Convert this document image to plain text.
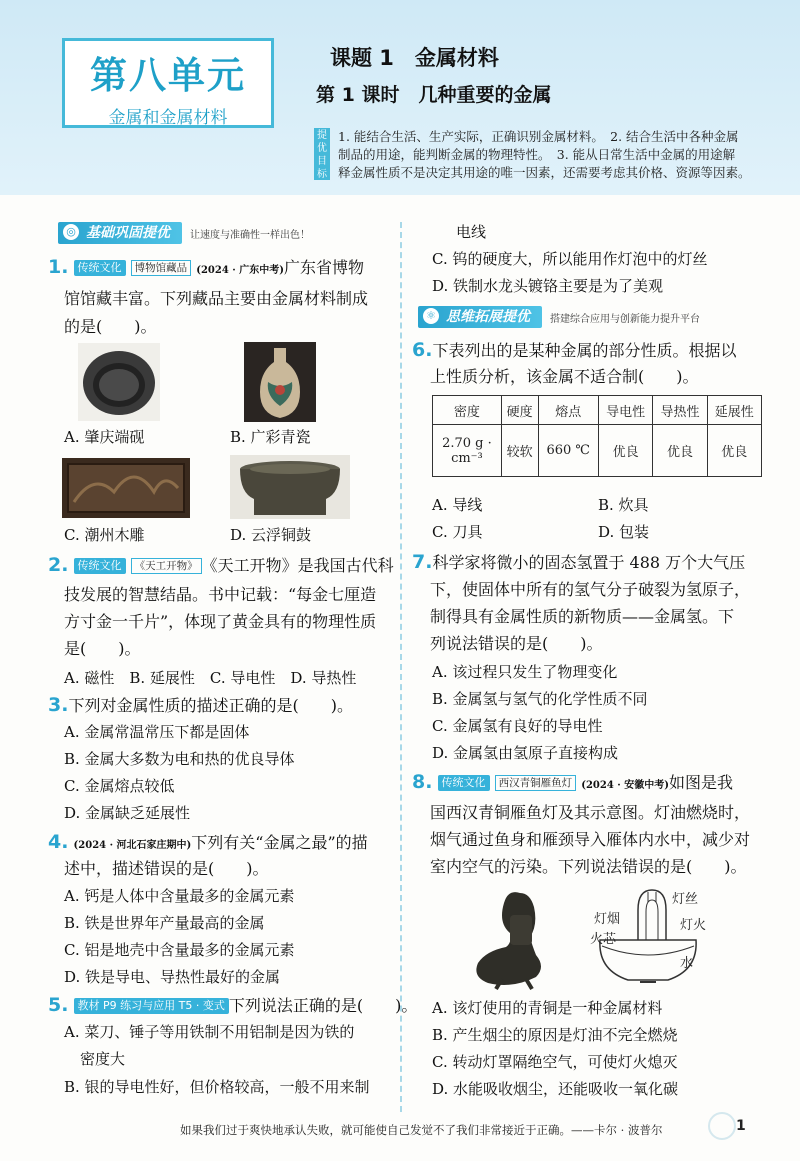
第八单元
金属和金属材料
课题 1　金属材料
第 1 课时　几种重要的金属
提优目标
1. 能结合生活、生产实际，正确识别金属材料。　2. 结合生活中各种金属
制品的用途，能判断金属的物理特性。　3. 能从日常生活中金属的用途解
释金属性质不是决定其用途的唯一因素，还需要考虑其价格、资源等因素。
◎ 基础巩固提优	让速度与准确性一样出色！
1. 传统文化 博物馆藏品 (2024 · 广东中考)广东省博物
馆馆藏丰富。下列藏品主要由金属材料制成
的是(　　)。
A. 肇庆端砚	B. 广彩青瓷
C. 潮州木雕	D. 云浮铜鼓
2. 传统文化 《天工开物》 《天工开物》是我国古代科
技发展的智慧结晶。书中记载：“每金七厘造
方寸金一千片”，体现了黄金具有的物理性质
是(　　)。
A. 磁性　B. 延展性　C. 导电性　D. 导热性
3.下列对金属性质的描述正确的是(　　)。
A. 金属常温常压下都是固体
B. 金属大多数为电和热的优良导体
C. 金属熔点较低
D. 金属缺乏延展性
4. (2024 · 河北石家庄期中)下列有关“金属之最”的描
述中，描述错误的是(　　)。
A. 钙是人体中含量最多的金属元素
B. 铁是世界年产量最高的金属
C. 铝是地壳中含量最多的金属元素
D. 铁是导电、导热性最好的金属
5. 教材 P9 练习与应用 T5 · 变式 下列说法正确的是(　　)。
A. 菜刀、锤子等用铁制不用铝制是因为铁的
密度大
B. 银的导电性好，但价格较高，一般不用来制
电线
C. 钨的硬度大，所以能用作灯泡中的灯丝
D. 铁制水龙头镀铬主要是为了美观
⚛ 思维拓展提优	搭建综合应用与创新能力提升平台
6.下表列出的是某种金属的部分性质。根据以
上性质分析，该金属不适合制(　　)。
密度	硬度	熔点	导电性	导热性	延展性

2.70 g ·
cm⁻³	较软	660 ℃	优良	优良	优良
A. 导线	B. 炊具
C. 刀具	D. 包装
7.科学家将微小的固态氢置于 488 万个大气压
下，使固体中所有的氢气分子破裂为氢原子，
制得具有金属性质的新物质——金属氢。下
列说法错误的是(　　)。
A. 该过程只发生了物理变化
B. 金属氢与氢气的化学性质不同
C. 金属氢有良好的导电性
D. 金属氢由氢原子直接构成
8. 传统文化 西汉青铜雁鱼灯 (2024 · 安徽中考)如图是我
国西汉青铜雁鱼灯及其示意图。灯油燃烧时，
烟气通过鱼身和雁颈导入雁体内水中，减少对
室内空气的污染。下列说法错误的是(　　)。
灯丝
灯烟	灯火
火芯
水
A. 该灯使用的青铜是一种金属材料
B. 产生烟尘的原因是灯油不完全燃烧
C. 转动灯罩隔绝空气，可使灯火熄灭
D. 水能吸收烟尘，还能吸收一氧化碳
如果我们过于爽快地承认失败，就可能使自己发觉不了我们非常接近于正确。——卡尔 · 波普尔	1
